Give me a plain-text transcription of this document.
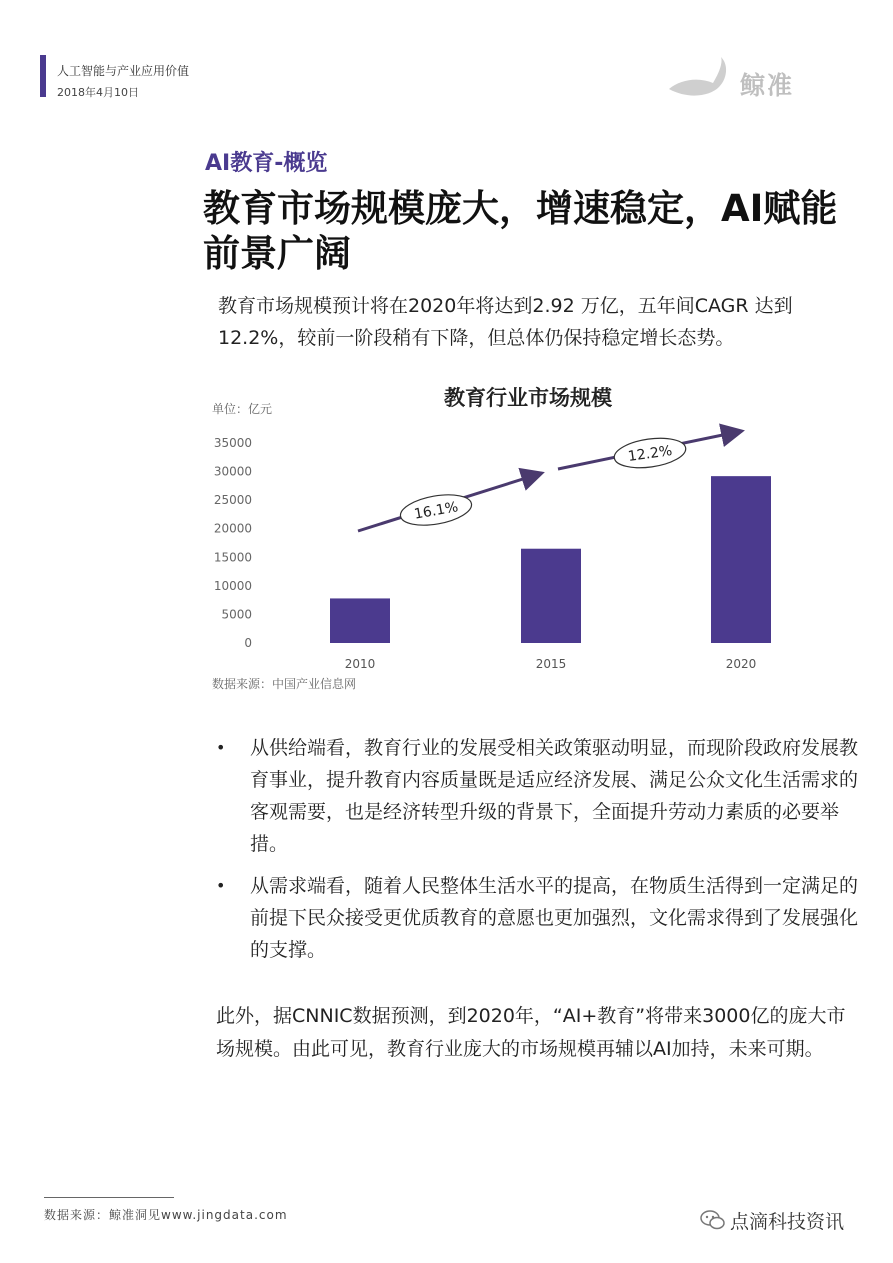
人工智能与产业应用价值
2018年4月10日	鲸准
AI教育-概览
教育市场规模庞大，增速稳定，AI赋能前景广阔
教育市场规模预计将在2020年将达到2.92 万亿，五年间CAGR 达到12.2%，较前一阶段稍有下降，但总体仍保持稳定增长态势。
教育行业市场规模
单位：亿元
35000
30000
25000
20000
15000
10000
5000
0
2010	2015	2020
16.1%
12.2%
数据来源：中国产业信息网
• 从供给端看，教育行业的发展受相关政策驱动明显，而现阶段政府发展教育事业，提升教育内容质量既是适应经济发展、满足公众文化生活需求的客观需要，也是经济转型升级的背景下，全面提升劳动力素质的必要举措。
• 从需求端看，随着人民整体生活水平的提高，在物质生活得到一定满足的前提下民众接受更优质教育的意愿也更加强烈，文化需求得到了发展强化的支撑。
此外，据CNNIC数据预测，到2020年，“AI+教育”将带来3000亿的庞大市场规模。由此可见，教育行业庞大的市场规模再辅以AI加持，未来可期。
数据来源：鲸准洞见www.jingdata.com	点滴科技资讯
